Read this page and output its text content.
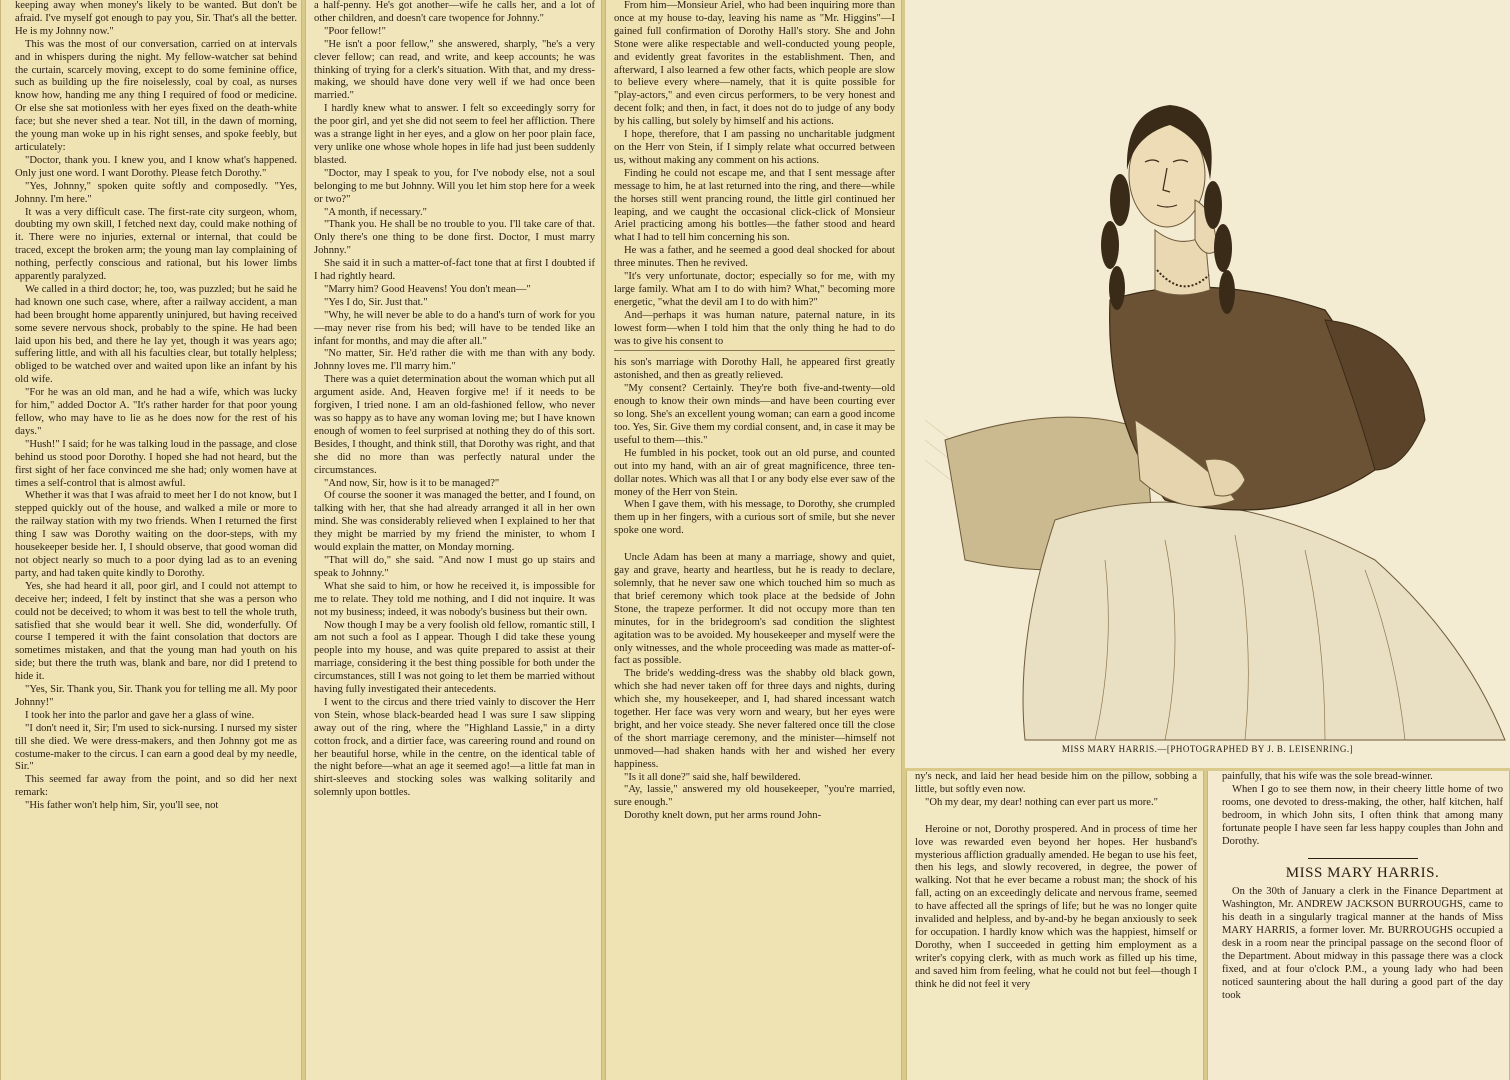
keeping away when money's likely to be wanted. But don't be afraid. I've myself got enough to pay you, Sir. That's all the better. He is my Johnny now."

This was the most of our conversation, carried on at intervals and in whispers during the night. My fellow-watcher sat behind the curtain, scarcely moving, except to do some feminine office, such as building up the fire noiselessly, coal by coal, as nurses know how, handing me any thing I required of food or medicine. Or else she sat motionless with her eyes fixed on the death-white face; but she never shed a tear. Not till, in the dawn of morning, the young man woke up in his right senses, and spoke feebly, but articulately:

"Doctor, thank you. I knew you, and I know what's happened. Only just one word. I want Dorothy. Please fetch Dorothy."

"Yes, Johnny," spoken quite softly and composedly. "Yes, Johnny. I'm here."

It was a very difficult case. The first-rate city surgeon, whom, doubting my own skill, I fetched next day, could make nothing of it. There were no injuries, external or internal, that could be traced, except the broken arm; the young man lay complaining of nothing, perfectly conscious and rational, but his lower limbs apparently paralyzed.

We called in a third doctor; he, too, was puzzled; but he said he had known one such case, where, after a railway accident, a man had been brought home apparently uninjured, but having received some severe nervous shock, probably to the spine. He had been laid upon his bed, and there he lay yet, though it was years ago; suffering little, and with all his faculties clear, but totally helpless; obliged to be watched over and waited upon like an infant by his old wife.

"For he was an old man, and he had a wife, which was lucky for him," added Doctor A. "It's rather harder for that poor young fellow, who may have to lie as he does now for the rest of his days."

"Hush!" I said; for he was talking loud in the passage, and close behind us stood poor Dorothy. I hoped she had not heard, but the first sight of her face convinced me she had; only women have at times a self-control that is almost awful.

Whether it was that I was afraid to meet her I do not know, but I stepped quickly out of the house, and walked a mile or more to the railway station with my two friends. When I returned the first thing I saw was Dorothy waiting on the door-steps, with my housekeeper beside her. I, I should observe, that good woman did not object nearly so much to a poor dying lad as to an evening party, and had taken quite kindly to Dorothy.

Yes, she had heard it all, poor girl, and I could not attempt to deceive her; indeed, I felt by instinct that she was a person who could not be deceived; to whom it was best to tell the whole truth, satisfied that she would bear it well. She did, wonderfully. Of course I tempered it with the faint consolation that doctors are sometimes mistaken, and that the young man had youth on his side; but there the truth was, blank and bare, nor did I pretend to hide it.

"Yes, Sir. Thank you, Sir. Thank you for telling me all. My poor Johnny!"

I took her into the parlor and gave her a glass of wine.

"I don't need it, Sir; I'm used to sick-nursing. I nursed my sister till she died. We were dress-makers, and then Johnny got me as costume-maker to the circus. I can earn a good deal by my needle, Sir."

This seemed far away from the point, and so did her next remark:

"His father won't help him, Sir, you'll see, not

a half-penny. He's got another—wife he calls her, and a lot of other children, and doesn't care twopence for Johnny."

"Poor fellow!"

"He isn't a poor fellow," she answered, sharply, "he's a very clever fellow; can read, and write, and keep accounts; he was thinking of trying for a clerk's situation. With that, and my dress-making, we should have done very well if we had once been married."

I hardly knew what to answer. I felt so exceedingly sorry for the poor girl, and yet she did not seem to feel her affliction. There was a strange light in her eyes, and a glow on her poor plain face, very unlike one whose whole hopes in life had just been suddenly blasted.

"Doctor, may I speak to you, for I've nobody else, not a soul belonging to me but Johnny. Will you let him stop here for a week or two?"

"A month, if necessary."

"Thank you. He shall be no trouble to you. I'll take care of that. Only there's one thing to be done first. Doctor, I must marry Johnny."

She said it in such a matter-of-fact tone that at first I doubted if I had rightly heard.

"Marry him? Good Heavens! You don't mean—"

"Yes I do, Sir. Just that."

"Why, he will never be able to do a hand's turn of work for you—may never rise from his bed; will have to be tended like an infant for months, and may die after all."

"No matter, Sir. He'd rather die with me than with any body. Johnny loves me. I'll marry him."

There was a quiet determination about the woman which put all argument aside. And, Heaven forgive me! if it needs to be forgiven, I tried none. I am an old-fashioned fellow, who never was so happy as to have any woman loving me; but I have known enough of women to feel surprised at nothing they do of this sort. Besides, I thought, and think still, that Dorothy was right, and that she did no more than was perfectly natural under the circumstances.

"And now, Sir, how is it to be managed?"

Of course the sooner it was managed the better, and I found, on talking with her, that she had already arranged it all in her own mind. She was considerably relieved when I explained to her that they might be married by my friend the minister, to whom I would explain the matter, on Monday morning.

"That will do," she said. "And now I must go up stairs and speak to Johnny."

What she said to him, or how he received it, is impossible for me to relate. They told me nothing, and I did not inquire. It was not my business; indeed, it was nobody's business but their own.

Now though I may be a very foolish old fellow, romantic still, I am not such a fool as I appear. Though I did take these young people into my house, and was quite prepared to assist at their marriage, considering it the best thing possible for both under the circumstances, still I was not going to let them be married without having fully investigated their antecedents.

I went to the circus and there tried vainly to discover the Herr von Stein, whose black-bearded head I was sure I saw slipping away out of the ring, where the "Highland Lassie," in a dirty cotton frock, and a dirtier face, was careering round and round on her beautiful horse, while in the centre, on the identical table of the night before—what an age it seemed ago!—a little fat man in shirt-sleeves and stocking soles was walking solitarily and solemnly upon bottles.

From him—Monsieur Ariel, who had been inquiring more than once at my house to-day, leaving his name as "Mr. Higgins"—I gained full confirmation of Dorothy Hall's story. She and John Stone were alike respectable and well-conducted young people, and evidently great favorites in the establishment. Then, and afterward, I also learned a few other facts, which people are slow to believe every where—namely, that it is quite possible for "play-actors," and even circus performers, to be very honest and decent folk; and then, in fact, it does not do to judge of any body by his calling, but solely by himself and his actions.

I hope, therefore, that I am passing no uncharitable judgment on the Herr von Stein, if I simply relate what occurred between us, without making any comment on his actions.

Finding he could not escape me, and that I sent message after message to him, he at last returned into the ring, and there—while the horses still went prancing round, the little girl continued her leaping, and we caught the occasional click-click of Monsieur Ariel practicing among his bottles—the father stood and heard what I had to tell him concerning his son.

He was a father, and he seemed a good deal shocked for about three minutes. Then he revived.

"It's very unfortunate, doctor; especially so for me, with my large family. What am I to do with him? What," becoming more energetic, "what the devil am I to do with him?"

And—perhaps it was human nature, paternal nature, in its lowest form—when I told him that the only thing he had to do was to give his consent to

his son's marriage with Dorothy Hall, he appeared first greatly astonished, and then as greatly relieved.

"My consent? Certainly. They're both five-and-twenty—old enough to know their own minds—and have been courting ever so long. She's an excellent young woman; can earn a good income too. Yes, Sir. Give them my cordial consent, and, in case it may be useful to them—this."

He fumbled in his pocket, took out an old purse, and counted out into my hand, with an air of great magnificence, three ten-dollar notes. Which was all that I or any body else ever saw of the money of the Herr von Stein.

When I gave them, with his message, to Dorothy, she crumpled them up in her fingers, with a curious sort of smile, but she never spoke one word.

Uncle Adam has been at many a marriage, showy and quiet, gay and grave, hearty and heartless, but he is ready to declare, solemnly, that he never saw one which touched him so much as that brief ceremony which took place at the bedside of John Stone, the trapeze performer. It did not occupy more than ten minutes, for in the bridegroom's sad condition the slightest agitation was to be avoided. My housekeeper and myself were the only witnesses, and the whole proceeding was made as matter-of-fact as possible.

The bride's wedding-dress was the shabby old black gown, which she had never taken off for three days and nights, during which she, my housekeeper, and I, had shared incessant watch together. Her face was very worn and weary, but her eyes were bright, and her voice steady. She never faltered once till the close of the short marriage ceremony, and the minister—himself not unmoved—had shaken hands with her and wished her every happiness.

"Is it all done?" said she, half bewildered.

"Ay, lassie," answered my old housekeeper, "you're married, sure enough."

Dorothy knelt down, put her arms round John-

MISS MARY HARRIS.—[PHOTOGRAPHED BY J. B. LEISENRING.]

ny's neck, and laid her head beside him on the pillow, sobbing a little, but softly even now.

"Oh my dear, my dear! nothing can ever part us more."

Heroine or not, Dorothy prospered. And in process of time her love was rewarded even beyond her hopes. Her husband's mysterious affliction gradually amended. He began to use his feet, then his legs, and slowly recovered, in degree, the power of walking. Not that he ever became a robust man; the shock of his fall, acting on an exceedingly delicate and nervous frame, seemed to have affected all the springs of life; but he was no longer quite invalided and helpless, and by-and-by he began anxiously to seek for occupation. I hardly know which was the happiest, himself or Dorothy, when I succeeded in getting him employment as a writer's copying clerk, with as much work as filled up his time, and saved him from feeling, what he could not but feel—though I think he did not feel it very

painfully, that his wife was the sole bread-winner.

When I go to see them now, in their cheery little home of two rooms, one devoted to dress-making, the other, half kitchen, half bedroom, in which John sits, I often think that among many fortunate people I have seen far less happy couples than John and Dorothy.

MISS MARY HARRIS.

On the 30th of January a clerk in the Finance Department at Washington, Mr. ANDREW JACKSON BURROUGHS, came to his death in a singularly tragical manner at the hands of Miss MARY HARRIS, a former lover. Mr. BURROUGHS occupied a desk in a room near the principal passage on the second floor of the Department. About midway in this passage there was a clock fixed, and at four o'clock P.M., a young lady who had been noticed sauntering about the hall during a good part of the day took
